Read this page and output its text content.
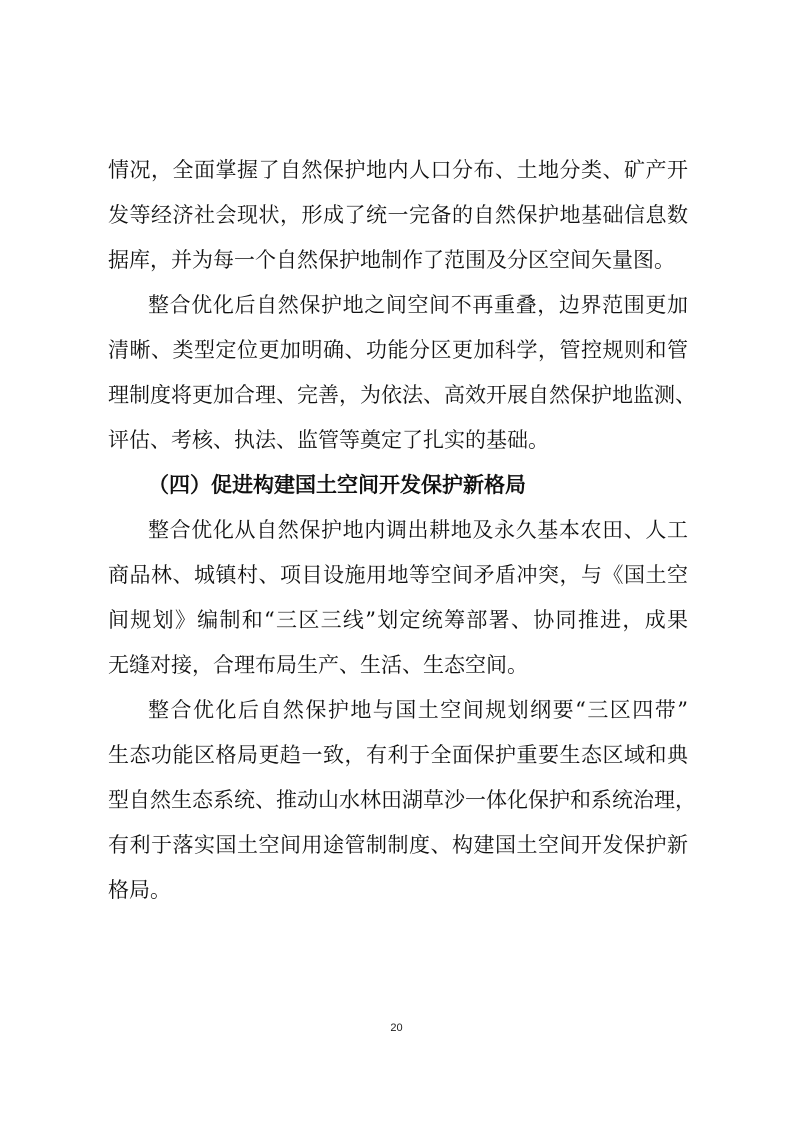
情况，全面掌握了自然保护地内人口分布、土地分类、矿产开
发等经济社会现状，形成了统一完备的自然保护地基础信息数
据库，并为每一个自然保护地制作了范围及分区空间矢量图。
整合优化后自然保护地之间空间不再重叠，边界范围更加
清晰、类型定位更加明确、功能分区更加科学，管控规则和管
理制度将更加合理、完善，为依法、高效开展自然保护地监测、
评估、考核、执法、监管等奠定了扎实的基础。
（四）促进构建国土空间开发保护新格局
整合优化从自然保护地内调出耕地及永久基本农田、人工
商品林、城镇村、项目设施用地等空间矛盾冲突，与《国土空
间规划》编制和“三区三线”划定统筹部署、协同推进，成果
无缝对接，合理布局生产、生活、生态空间。
整合优化后自然保护地与国土空间规划纲要“三区四带”
生态功能区格局更趋一致，有利于全面保护重要生态区域和典
型自然生态系统、推动山水林田湖草沙一体化保护和系统治理，
有利于落实国土空间用途管制制度、构建国土空间开发保护新
格局。
20
